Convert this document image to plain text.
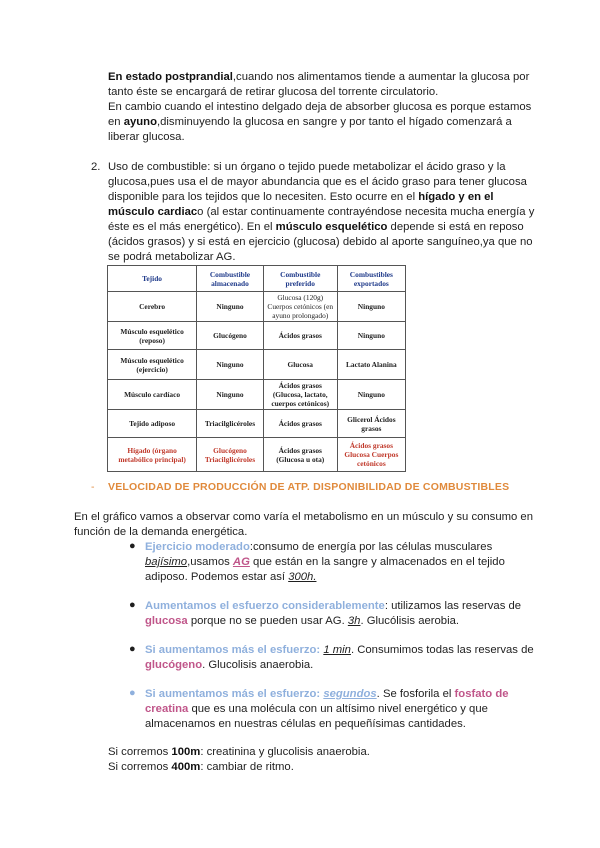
En estado postprandial,cuando nos alimentamos tiende a aumentar la glucosa por
tanto éste se encargará de retirar glucosa del torrente circulatorio.
En cambio cuando el intestino delgado deja de absorber glucosa es porque estamos
en ayuno,disminuyendo la glucosa en sangre y por tanto el hígado comenzará a
liberar glucosa.
2. Uso de combustible: si un órgano o tejido puede metabolizar el ácido graso y la
glucosa,pues usa el de mayor abundancia que es el ácido graso para tener glucosa
disponible para los tejidos que lo necesiten. Esto ocurre en el hígado y en el
músculo cardiaco (al estar continuamente contrayéndose necesita mucha energía y
éste es el más energético). En el músculo esquelético depende si está en reposo
(ácidos grasos) y si está en ejercicio (glucosa) debido al aporte sanguíneo,ya que no
se podrá metabolizar AG.
Tejido	Combustible almacenado	Combustible preferido	Combustibles exportados
Cerebro	Ninguno	Glucosa (120g) Cuerpos cetónicos (en ayuno prolongado)	Ninguno
Músculo esquelético (reposo)	Glucógeno	Ácidos grasos	Ninguno
Músculo esquelético (ejercicio)	Ninguno	Glucosa	Lactato Alanina
Músculo cardíaco	Ninguno	Ácidos grasos (Glucosa, lactato, cuerpos cetónicos)	Ninguno
Tejido adiposo	Triacilglicéroles	Ácidos grasos	Glicerol Ácidos grasos
Hígado (órgano metabólico principal)	Glucógeno Triacilglicéroles	Ácidos grasos (Glucosa u ota)	Ácidos grasos Glucosa Cuerpos cetónicos
- VELOCIDAD DE PRODUCCIÓN DE ATP. DISPONIBILIDAD DE COMBUSTIBLES
En el gráfico vamos a observar como varía el metabolismo en un músculo y su consumo en
función de la demanda energética.
● Ejercicio moderado:consumo de energía por las células musculares
bajísimo,usamos AG que están en la sangre y almacenados en el tejido
adiposo. Podemos estar así 300h.
● Aumentamos el esfuerzo considerablemente: utilizamos las reservas de
glucosa porque no se pueden usar AG. 3h. Glucólisis aerobia.
● Si aumentamos más el esfuerzo: 1 min. Consumimos todas las reservas de
glucógeno. Glucolisis anaerobia.
● Si aumentamos más el esfuerzo: segundos. Se fosforila el fosfato de
creatina que es una molécula con un altísimo nivel energético y que
almacenamos en nuestras células en pequeñísimas cantidades.
Si corremos 100m: creatinina y glucolisis anaerobia.
Si corremos 400m: cambiar de ritmo.
